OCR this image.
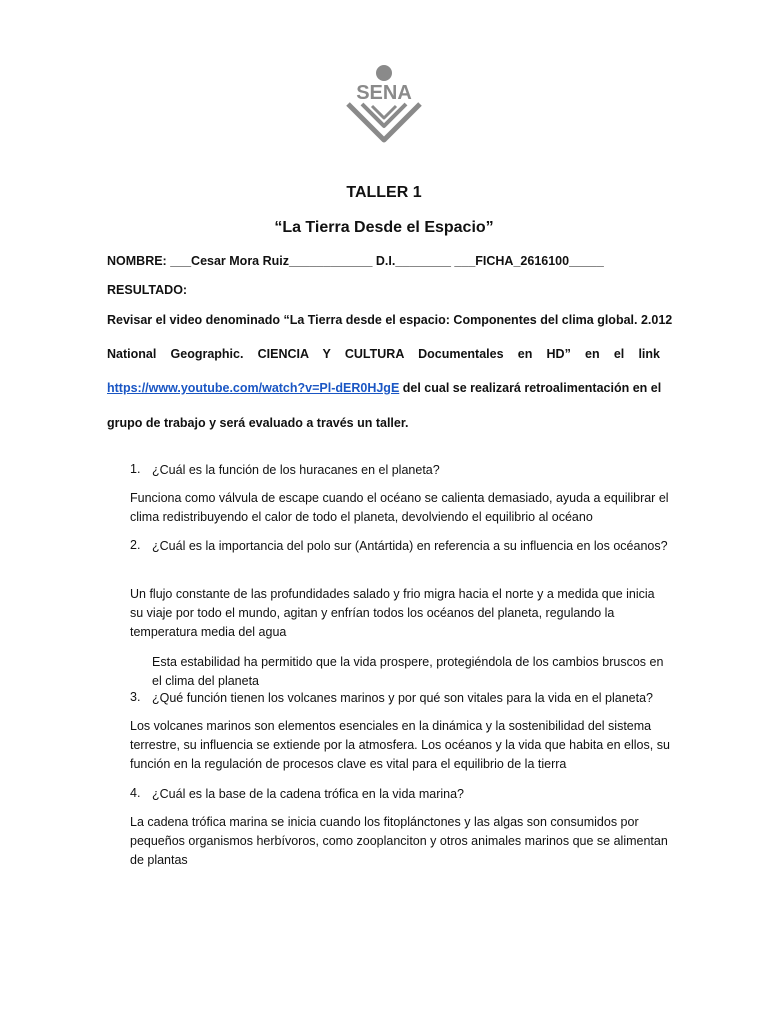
SENA
TALLER 1
“La Tierra Desde el Espacio”
NOMBRE: ___Cesar Mora Ruiz____________ D.I.________ ___FICHA_2616100_____
RESULTADO:
Revisar el video denominado “La Tierra desde el espacio: Componentes del clima global. 2.012
National Geographic. CIENCIA Y CULTURA Documentales en HD” en el link
https://www.youtube.com/watch?v=Pl-dER0HJgE del cual se realizará retroalimentación en el
grupo de trabajo y será evaluado a través un taller.
1. ¿Cuál es la función de los huracanes en el planeta?
Funciona como válvula de escape cuando el océano se calienta demasiado, ayuda a equilibrar el clima redistribuyendo el calor de todo el planeta, devolviendo el equilibrio al océano
2. ¿Cuál es la importancia del polo sur (Antártida) en referencia a su influencia en los océanos?
Un flujo constante de las profundidades salado y frio migra hacia el norte y a medida que inicia su viaje por todo el mundo, agitan y enfrían todos los océanos del planeta, regulando la temperatura media del agua
Esta estabilidad ha permitido que la vida prospere, protegiéndola de los cambios bruscos en el clima del planeta
3. ¿Qué función tienen los volcanes marinos y por qué son vitales para la vida en el planeta?
Los volcanes marinos son elementos esenciales en la dinámica y la sostenibilidad del sistema terrestre, su influencia se extiende por la atmosfera. Los océanos y la vida que habita en ellos, su función en la regulación de procesos clave es vital para el equilibrio de la tierra
4. ¿Cuál es la base de la cadena trófica en la vida marina?
La cadena trófica marina se inicia cuando los fitoplánctones y las algas son consumidos por pequeños organismos herbívoros, como zooplanciton y otros animales marinos que se alimentan de plantas
